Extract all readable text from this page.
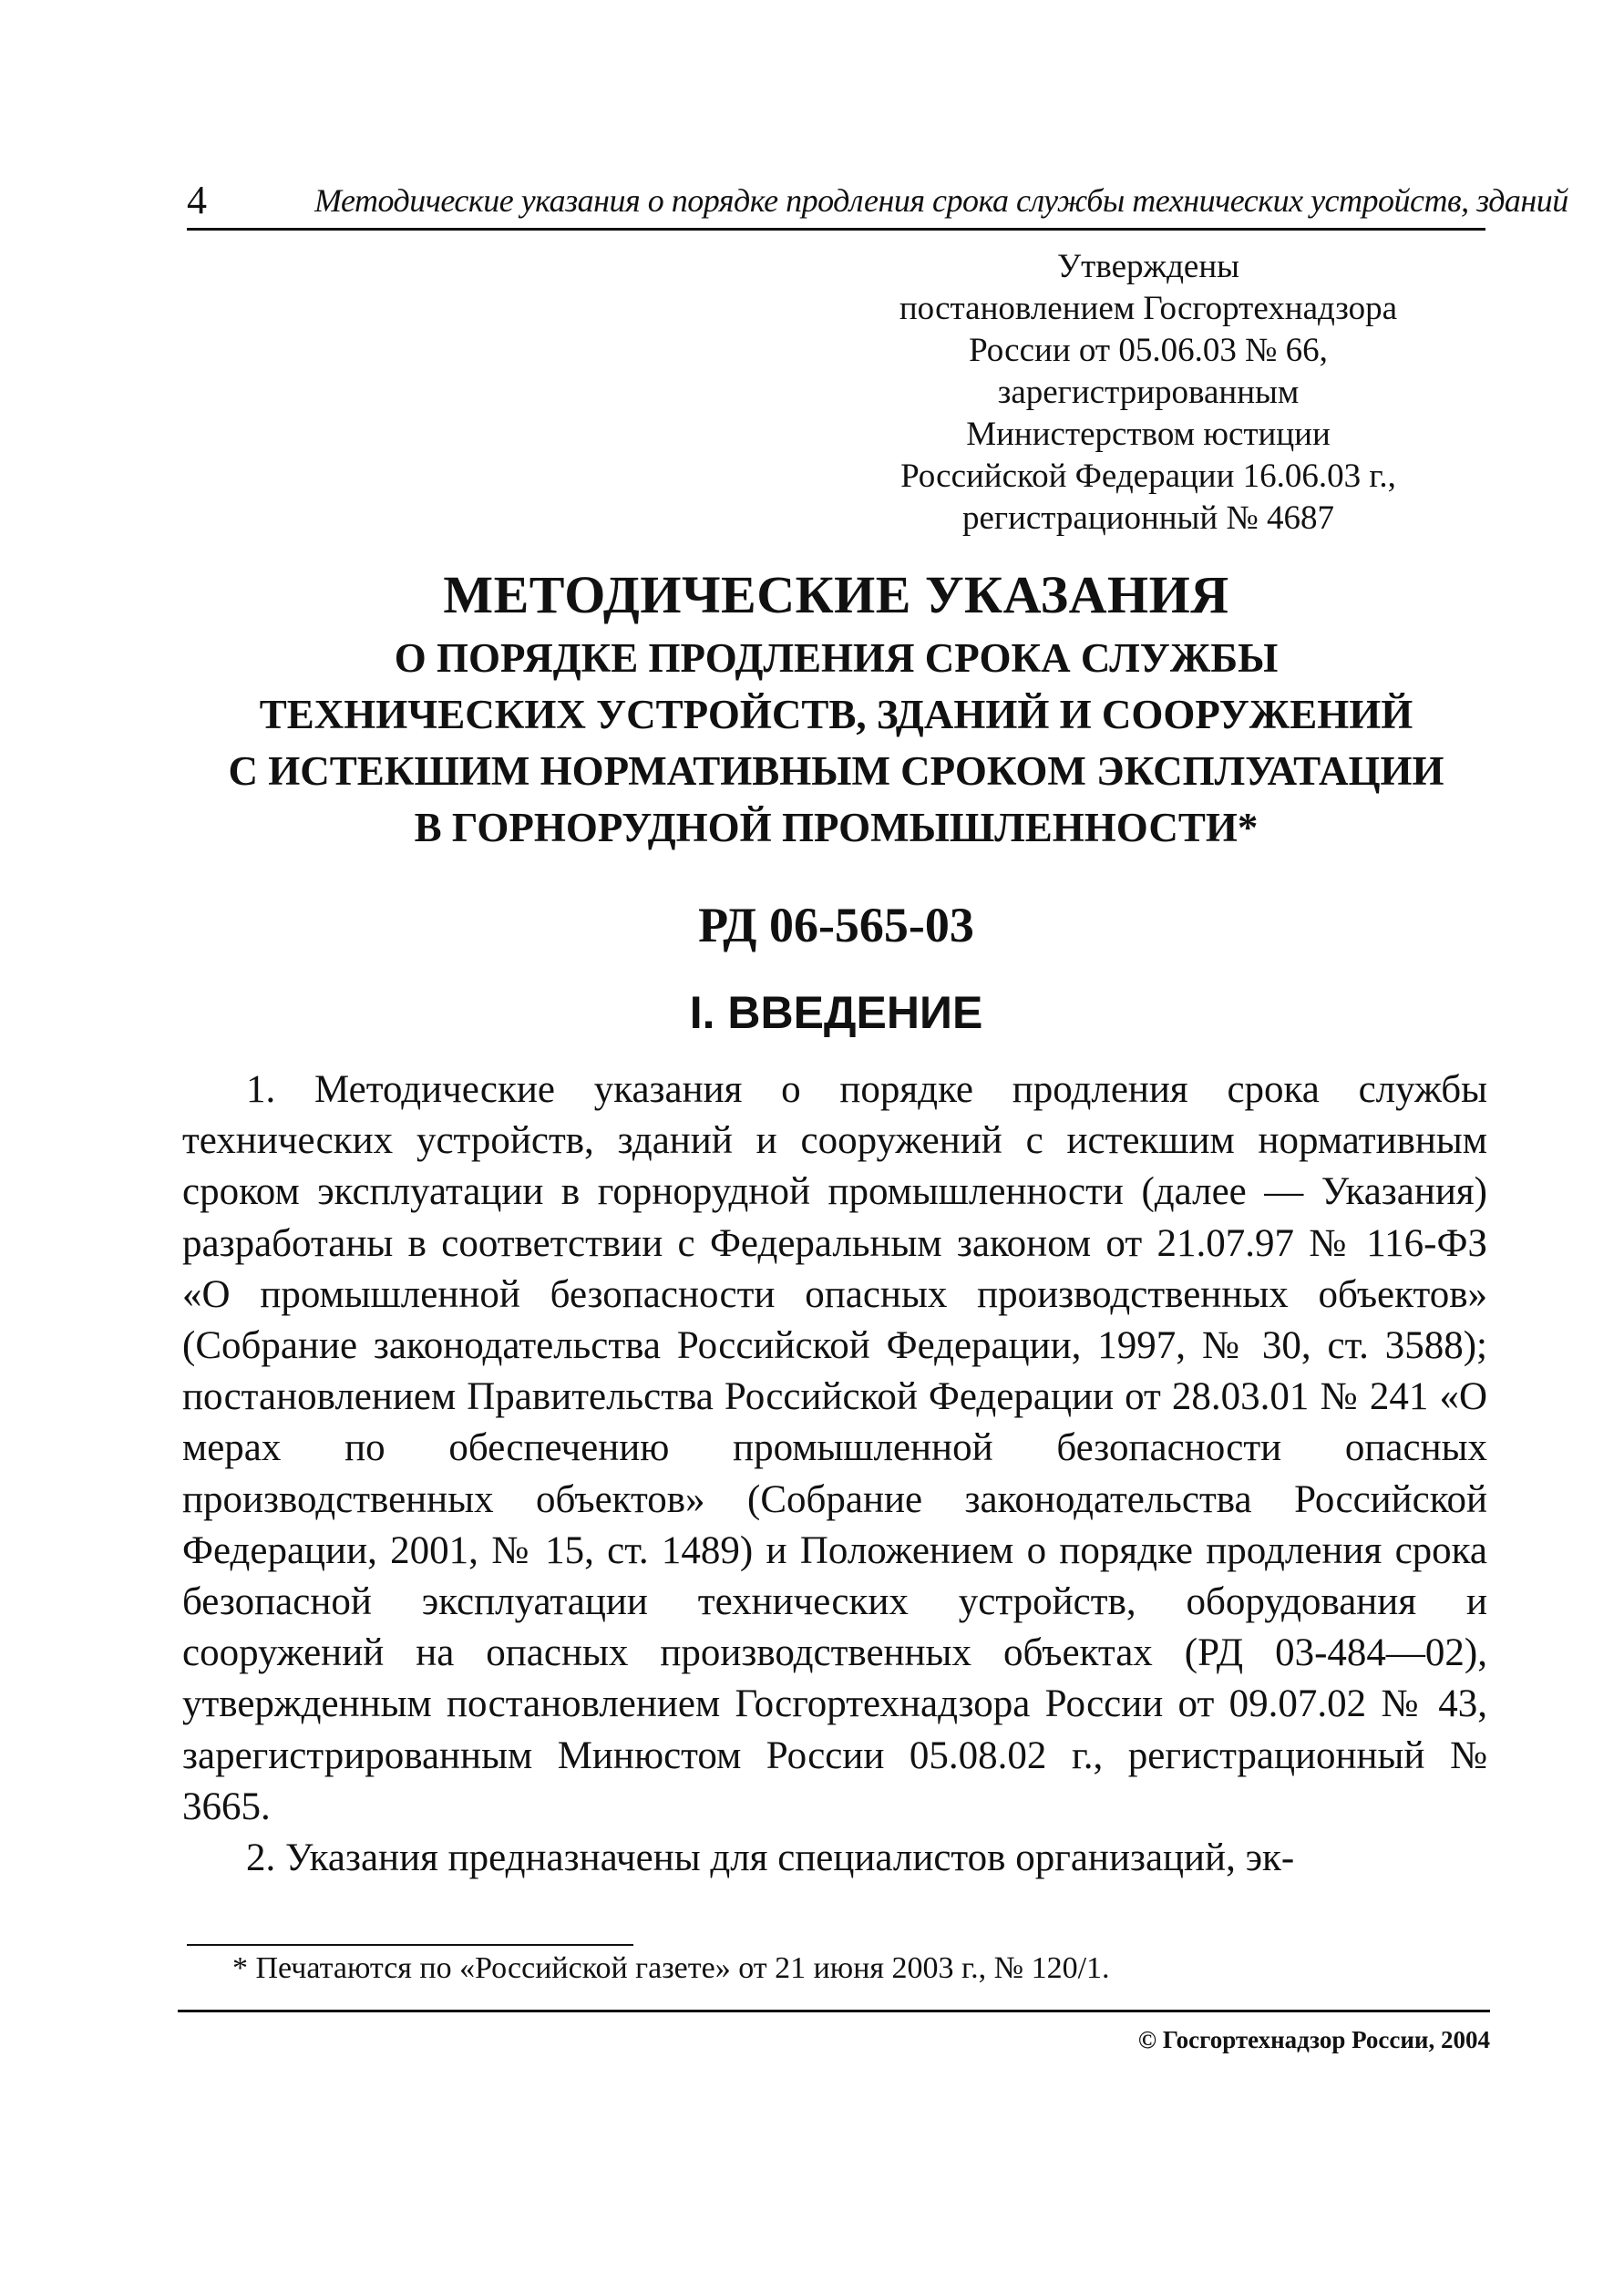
4	Методические указания о порядке продления срока службы технических устройств, зданий
Утверждены
постановлением Госгортехнадзора
России от 05.06.03 № 66,
зарегистрированным
Министерством юстиции
Российской Федерации 16.06.03 г.,
регистрационный № 4687
МЕТОДИЧЕСКИЕ УКАЗАНИЯ
О ПОРЯДКЕ ПРОДЛЕНИЯ СРОКА СЛУЖБЫ
ТЕХНИЧЕСКИХ УСТРОЙСТВ, ЗДАНИЙ И СООРУЖЕНИЙ
С ИСТЕКШИМ НОРМАТИВНЫМ СРОКОМ ЭКСПЛУАТАЦИИ
В ГОРНОРУДНОЙ ПРОМЫШЛЕННОСТИ*
РД 06-565-03
I. ВВЕДЕНИЕ

1. Методические указания о порядке продления срока службы технических устройств, зданий и сооружений с истекшим нормативным сроком эксплуатации в горнорудной промышленности (далее — Указания) разработаны в соответствии с Федеральным законом от 21.07.97 № 116-ФЗ «О промышленной безопасности опасных производственных объектов» (Собрание законодательства Российской Федерации, 1997, № 30, ст. 3588); постановлением Правительства Российской Федерации от 28.03.01 № 241 «О мерах по обеспечению промышленной безопасности опасных производственных объектов» (Собрание законодательства Российской Федерации, 2001, № 15, ст. 1489) и Положением о порядке продления срока безопасной эксплуатации технических устройств, оборудования и сооружений на опасных производственных объектах (РД 03-484—02), утвержденным постановлением Госгортехнадзора России от 09.07.02 № 43, зарегистрированным Минюстом России 05.08.02 г., регистрационный № 3665.

2. Указания предназначены для специалистов организаций, эк-

* Печатаются по «Российской газете» от 21 июня 2003 г., № 120/1.
© Госгортехнадзор России, 2004
